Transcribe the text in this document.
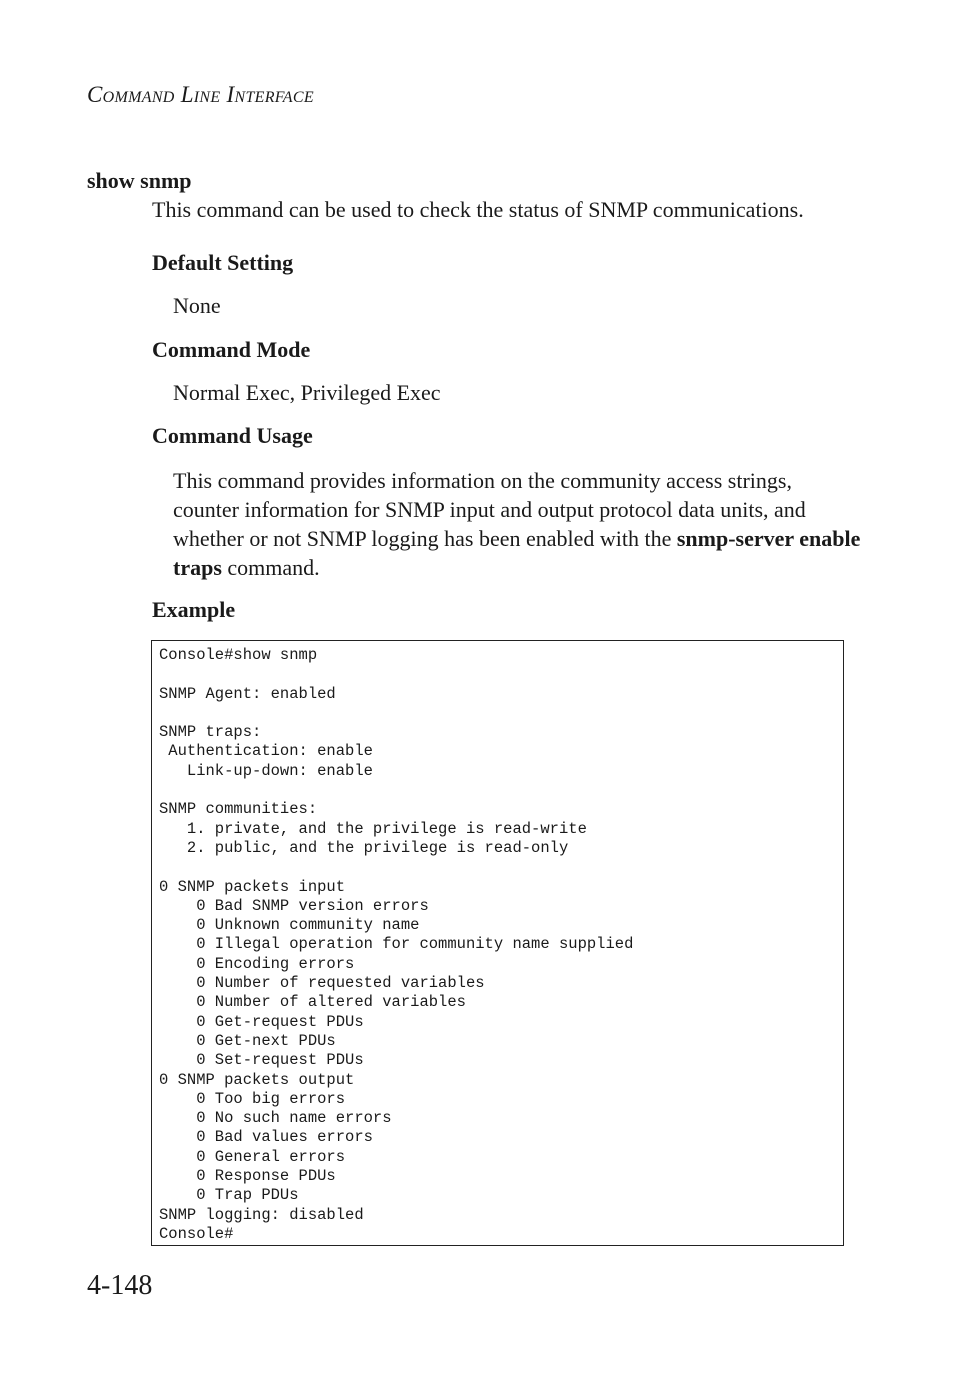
Command Line Interface
show snmp
This command can be used to check the status of SNMP communications.
Default Setting
None
Command Mode
Normal Exec, Privileged Exec
Command Usage
This command provides information on the community access strings, counter information for SNMP input and output protocol data units, and whether or not SNMP logging has been enabled with the snmp-server enable traps command.
Example
Console#show snmp

SNMP Agent: enabled

SNMP traps:
Authentication: enable
Link-up-down: enable

SNMP communities:
1. private, and the privilege is read-write
2. public, and the privilege is read-only

0 SNMP packets input
0 Bad SNMP version errors
0 Unknown community name
0 Illegal operation for community name supplied
0 Encoding errors
0 Number of requested variables
0 Number of altered variables
0 Get-request PDUs
0 Get-next PDUs
0 Set-request PDUs
0 SNMP packets output
0 Too big errors
0 No such name errors
0 Bad values errors
0 General errors
0 Response PDUs
0 Trap PDUs
SNMP logging: disabled
Console#
4-148
